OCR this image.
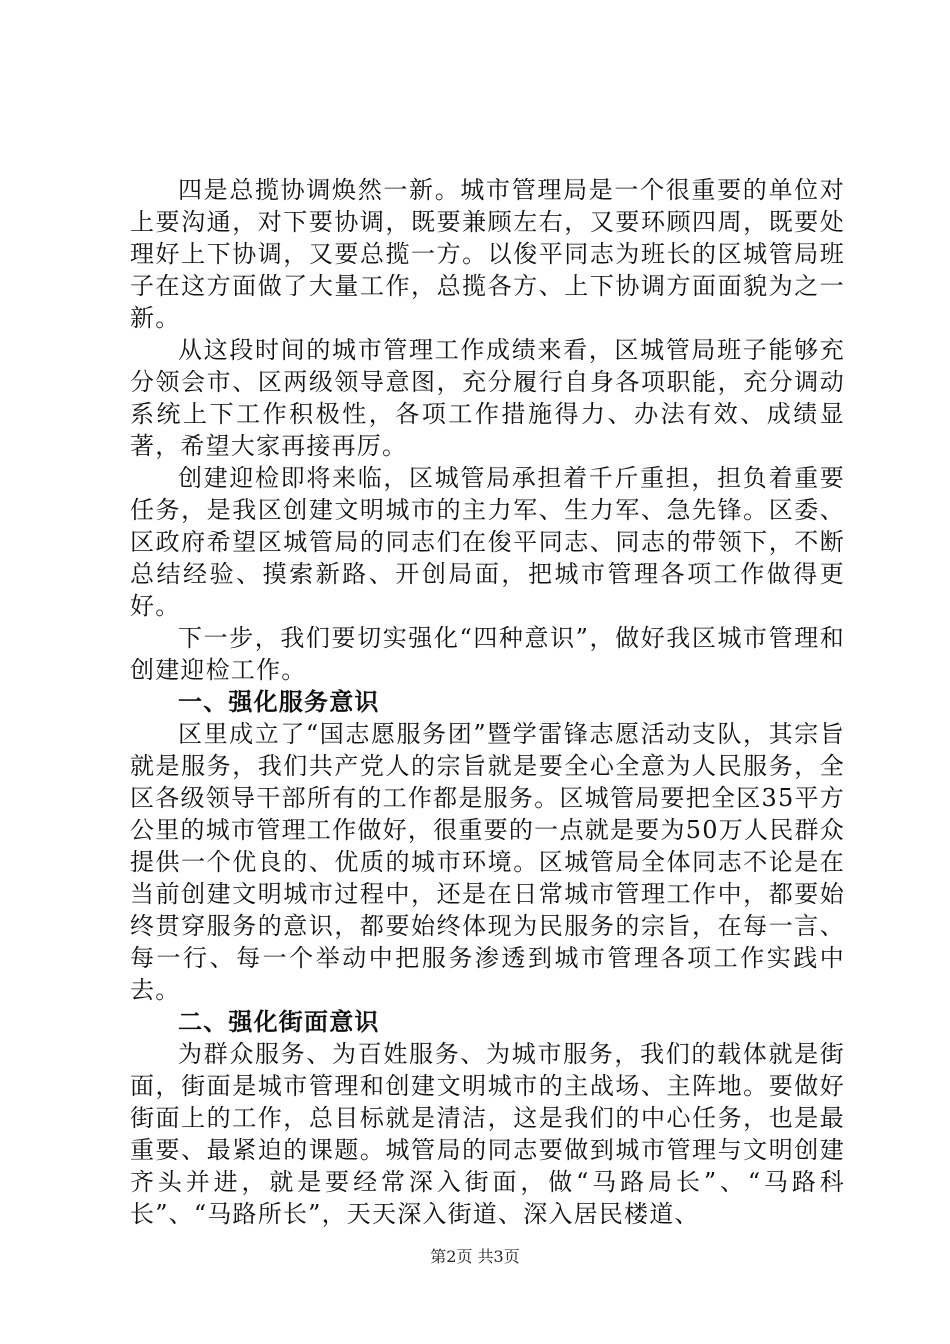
四是总揽协调焕然一新。城市管理局是一个很重要的单位对上要沟通，对下要协调，既要兼顾左右，又要环顾四周，既要处理好上下协调，又要总揽一方。以俊平同志为班长的区城管局班子在这方面做了大量工作，总揽各方、上下协调方面面貌为之一新。

从这段时间的城市管理工作成绩来看，区城管局班子能够充分领会市、区两级领导意图，充分履行自身各项职能，充分调动系统上下工作积极性，各项工作措施得力、办法有效、成绩显著，希望大家再接再厉。

创建迎检即将来临，区城管局承担着千斤重担，担负着重要任务，是我区创建文明城市的主力军、生力军、急先锋。区委、区政府希望区城管局的同志们在俊平同志、同志的带领下，不断总结经验、摸索新路、开创局面，把城市管理各项工作做得更好。

下一步，我们要切实强化“四种意识”，做好我区城市管理和创建迎检工作。

一、强化服务意识

区里成立了“国志愿服务团”暨学雷锋志愿活动支队，其宗旨就是服务，我们共产党人的宗旨就是要全心全意为人民服务，全区各级领导干部所有的工作都是服务。区城管局要把全区35平方公里的城市管理工作做好，很重要的一点就是要为50万人民群众提供一个优良的、优质的城市环境。区城管局全体同志不论是在当前创建文明城市过程中，还是在日常城市管理工作中，都要始终贯穿服务的意识，都要始终体现为民服务的宗旨，在每一言、每一行、每一个举动中把服务渗透到城市管理各项工作实践中去。

二、强化街面意识

为群众服务、为百姓服务、为城市服务，我们的载体就是街面，街面是城市管理和创建文明城市的主战场、主阵地。要做好街面上的工作，总目标就是清洁，这是我们的中心任务，也是最重要、最紧迫的课题。城管局的同志要做到城市管理与文明创建齐头并进，就是要经常深入街面，做“马路局长”、“马路科长”、“马路所长”，天天深入街道、深入居民楼道、

第2页 共3页
